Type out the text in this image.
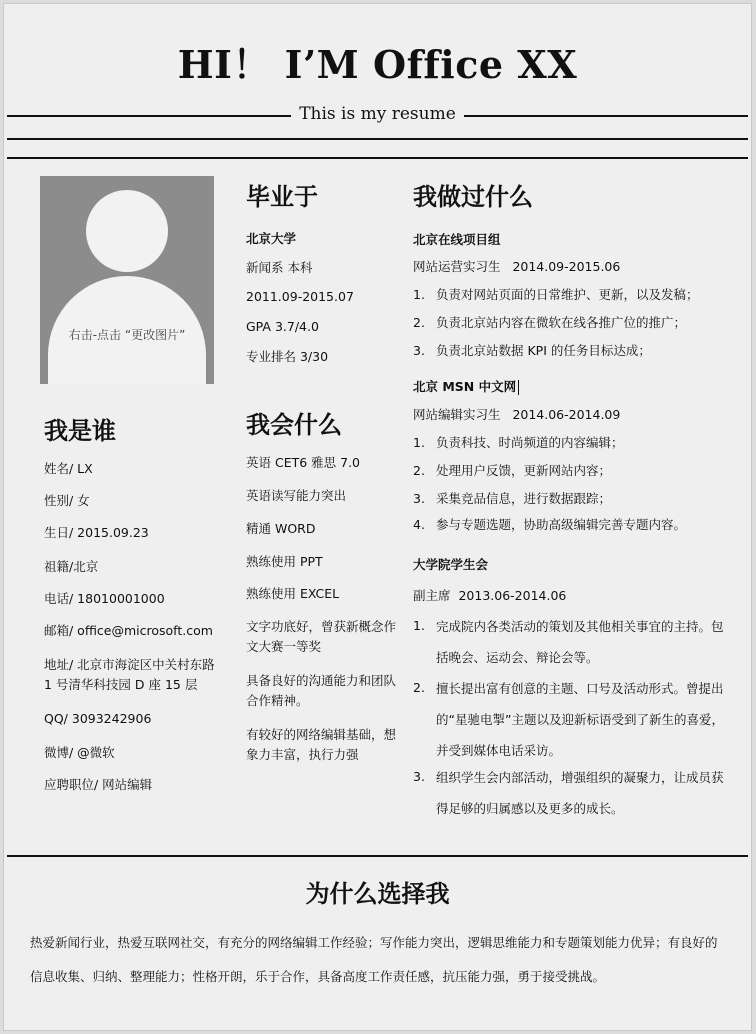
HI！ I’M Office XX
This is my resume
右击-点击 “更改图片”
我是谁
姓名/ LX
性别/ 女
生日/ 2015.09.23
祖籍/北京
电话/ 18010001000
邮箱/ office@microsoft.com
地址/ 北京市海淀区中关村东路 1 号清华科技园 D 座 15 层
QQ/ 3093242906
微博/ @微软
应聘职位/ 网站编辑
毕业于
北京大学
新闻系 本科
2011.09-2015.07
GPA 3.7/4.0
专业排名 3/30
我会什么
英语 CET6 雅思 7.0
英语读写能力突出
精通 WORD
熟练使用 PPT
熟练使用 EXCEL
文字功底好，曾获新概念作文大赛一等奖
具备良好的沟通能力和团队合作精神。
有较好的网络编辑基础，想象力丰富，执行力强
我做过什么
北京在线项目组
网站运营实习生 2014.09-2015.06
1. 负责对网站页面的日常维护、更新，以及发稿；
2. 负责北京站内容在微软在线各推广位的推广；
3. 负责北京站数据 KPI 的任务目标达成；
北京 MSN 中文网
网站编辑实习生 2014.06-2014.09
1. 负责科技、时尚频道的内容编辑；
2. 处理用户反馈，更新网站内容；
3. 采集竞品信息，进行数据跟踪；
4. 参与专题选题，协助高级编辑完善专题内容。
大学院学生会
副主席 2013.06-2014.06
1. 完成院内各类活动的策划及其他相关事宜的主持。包括晚会、运动会、辩论会等。
2. 擅长提出富有创意的主题、口号及活动形式。曾提出的“星驰电掣”主题以及迎新标语受到了新生的喜爱，并受到媒体电话采访。
3. 组织学生会内部活动，增强组织的凝聚力，让成员获得足够的归属感以及更多的成长。
为什么选择我
热爱新闻行业，热爱互联网社交，有充分的网络编辑工作经验；写作能力突出，逻辑思维能力和专题策划能力优异；有良好的信息收集、归纳、整理能力；性格开朗，乐于合作，具备高度工作责任感，抗压能力强，勇于接受挑战。
